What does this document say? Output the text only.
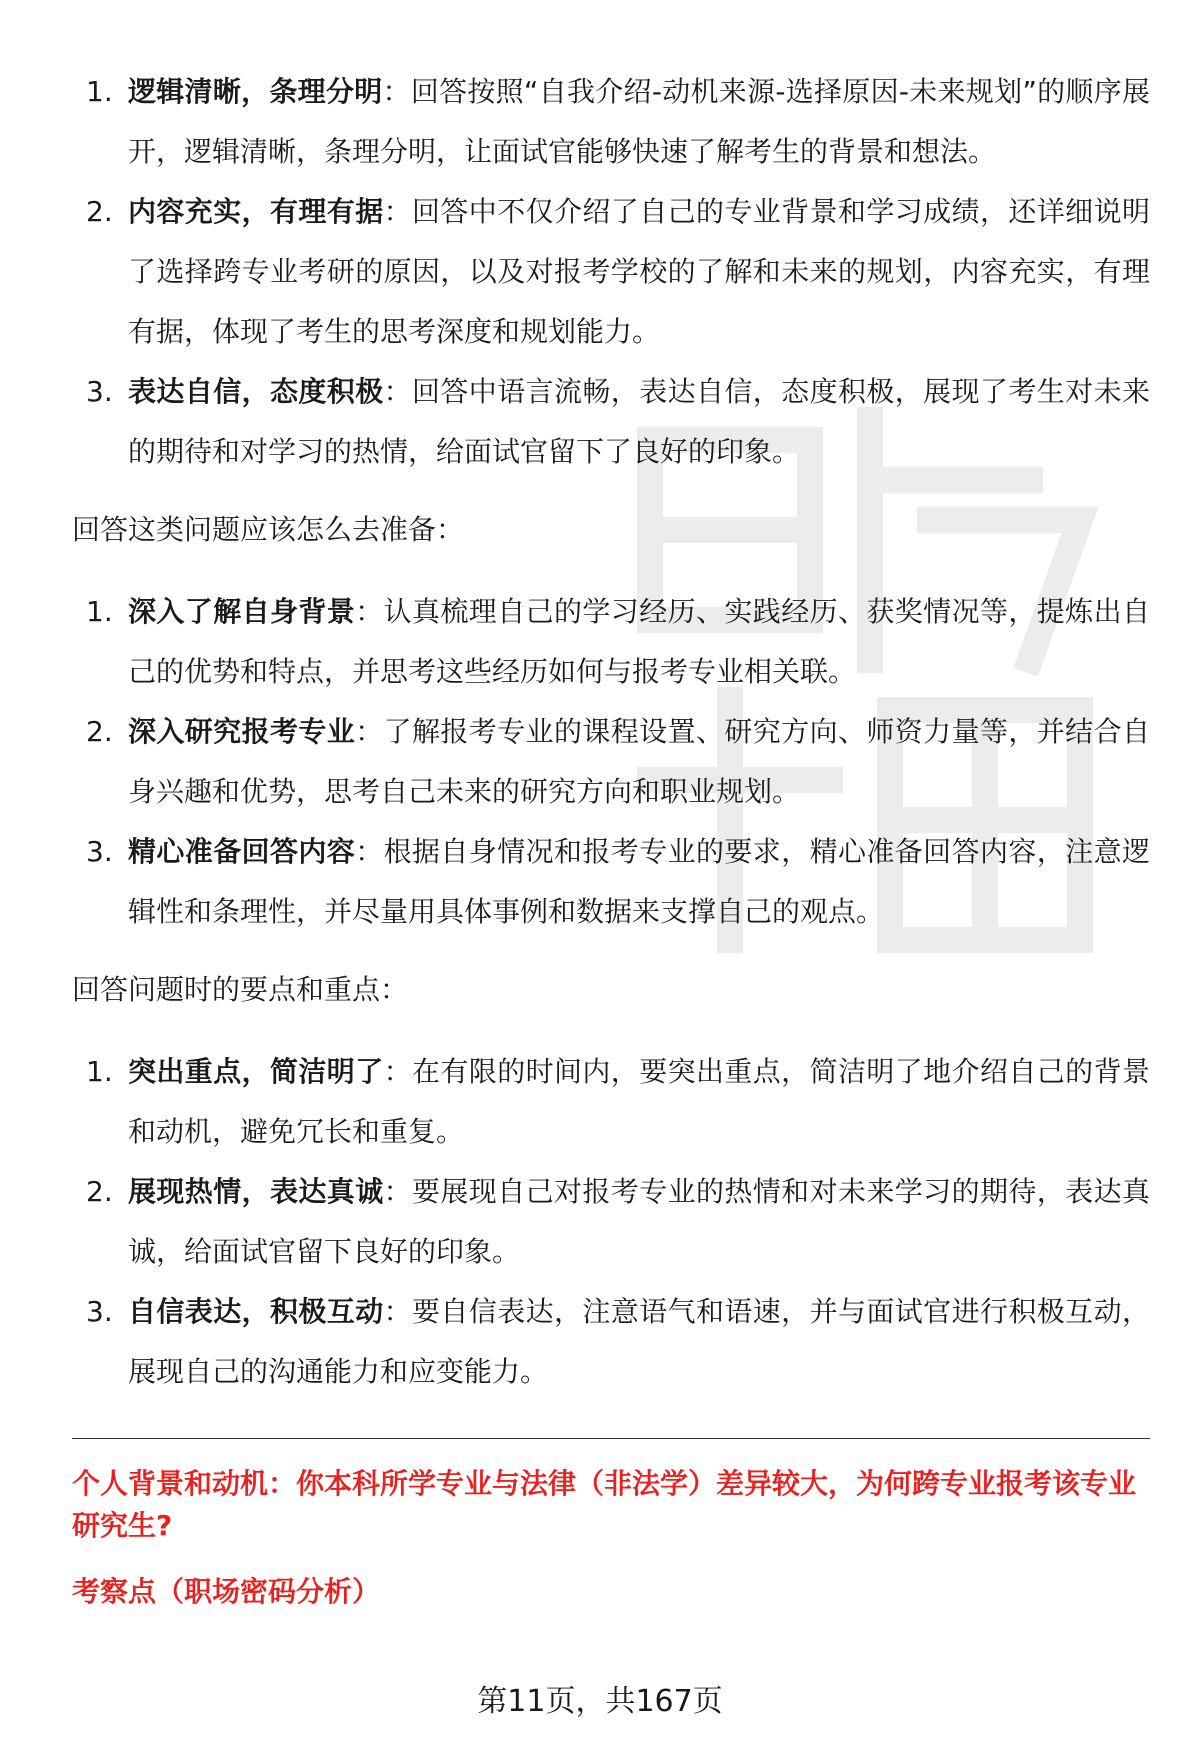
1. 逻辑清晰，条理分明：回答按照“自我介绍-动机来源-选择原因-未来规划”的顺序展开，逻辑清晰，条理分明，让面试官能够快速了解考生的背景和想法。
2. 内容充实，有理有据：回答中不仅介绍了自己的专业背景和学习成绩，还详细说明了选择跨专业考研的原因，以及对报考学校的了解和未来的规划，内容充实，有理有据，体现了考生的思考深度和规划能力。
3. 表达自信，态度积极：回答中语言流畅，表达自信，态度积极，展现了考生对未来的期待和对学习的热情，给面试官留下了良好的印象。

回答这类问题应该怎么去准备：

1. 深入了解自身背景：认真梳理自己的学习经历、实践经历、获奖情况等，提炼出自己的优势和特点，并思考这些经历如何与报考专业相关联。
2. 深入研究报考专业：了解报考专业的课程设置、研究方向、师资力量等，并结合自身兴趣和优势，思考自己未来的研究方向和职业规划。
3. 精心准备回答内容：根据自身情况和报考专业的要求，精心准备回答内容，注意逻辑性和条理性，并尽量用具体事例和数据来支撑自己的观点。

回答问题时的要点和重点：

1. 突出重点，简洁明了：在有限的时间内，要突出重点，简洁明了地介绍自己的背景和动机，避免冗长和重复。
2. 展现热情，表达真诚：要展现自己对报考专业的热情和对未来学习的期待，表达真诚，给面试官留下良好的印象。
3. 自信表达，积极互动：要自信表达，注意语气和语速，并与面试官进行积极互动，展现自己的沟通能力和应变能力。

个人背景和动机：你本科所学专业与法律（非法学）差异较大，为何跨专业报考该专业研究生?

考察点（职场密码分析）

第11页，共167页
